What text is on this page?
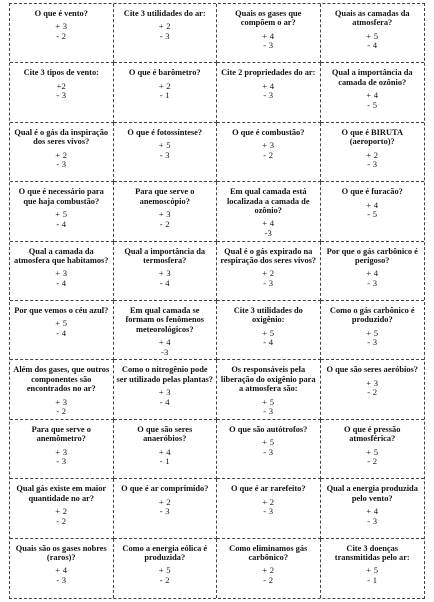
O que é vento?

+ 3
- 2

Cite 3 utilidades do ar:

+ 2
- 3

Quais os gases que compõem o ar?

+ 4
- 3

Quais as camadas da atmosfera?

+ 5
- 4

Cite 3 tipos de vento:

+2
- 3

O que é barômetro?

+ 2
- 1

Cite 2 propriedades do ar:

+ 4
- 3

Qual a importância da camada de ozônio?

+ 4
- 5

Qual é o gás da inspiração dos seres vivos?

+ 2
- 3

O que é fotossíntese?

+ 5
- 3

O que é combustão?

+ 3
- 2

O que é BIRUTA (aeroporto)?

+ 2
- 3

O que é necessário para que haja combustão?

+ 5
- 4

Para que serve o anemoscópio?

+ 3
- 2

Em qual camada está localizada a camada de ozônio?

+ 4
-3

O que é furacão?

+ 4
- 5

Qual a camada da atmosfera que habitamos?

+ 3
- 4

Qual a importância da termosfera?

+ 3
- 4

Qual é o gás expirado na respiração dos seres vivos?

+ 2
- 3

Por que o gás carbônico é perigoso?

+ 4
- 3

Por que vemos o céu azul?

+ 5
- 4

Em qual camada se formam os fenômenos meteorológicos?

+ 4
-3

Cite 3 utilidades do oxigênio:

+ 5
- 4

Como o gás carbônico é produzido?

+ 5
- 3

Além dos gases, que outros componentes são encontrados no ar?

+ 3
- 2

Como o nitrogênio pode ser utilizado pelas plantas?

+ 3
- 4

Os responsáveis pela liberação do oxigênio para a atmosfera são:

+ 5
- 3

O que são seres aeróbios?

+ 3
- 2

Para que serve o anemômetro?

+ 3
- 3

O que são seres anaeróbios?

+ 4
- 1

O que são autótrofos?

+ 5
- 3

O que é pressão atmosférica?

+ 5
- 2

Qual gás existe em maior quantidade no ar?

+ 2
- 2

O que é ar comprimido?

+ 2
- 3

O que é ar rarefeito?

+ 2
- 3

Qual a energia produzida pelo vento?

+ 4
- 3

Quais são os gases nobres (raros)?

+ 4
- 3

Como a energia eólica é produzida?

+ 5
- 2

Como eliminamos gás carbônico?

+ 2
- 2

Cite 3 doenças transmitidas pelo ar:

+ 5
- 1
